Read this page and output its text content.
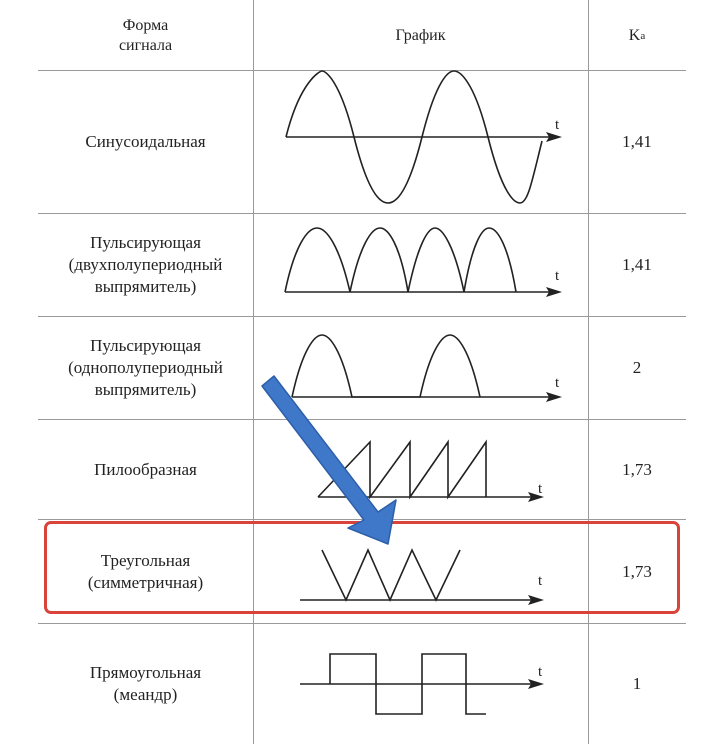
Форма
сигнала
График	K a
Синусоидальная
Пульсирующая
(двухполупериодный
выпрямитель)
Пульсирующая
(однополупериодный
выпрямитель)
Пилообразная
Треугольная
(симметричная)
Прямоугольная
(меандр)
1,41
1,41
2
1,73
1,73
1
t
t
t
t
t
t
